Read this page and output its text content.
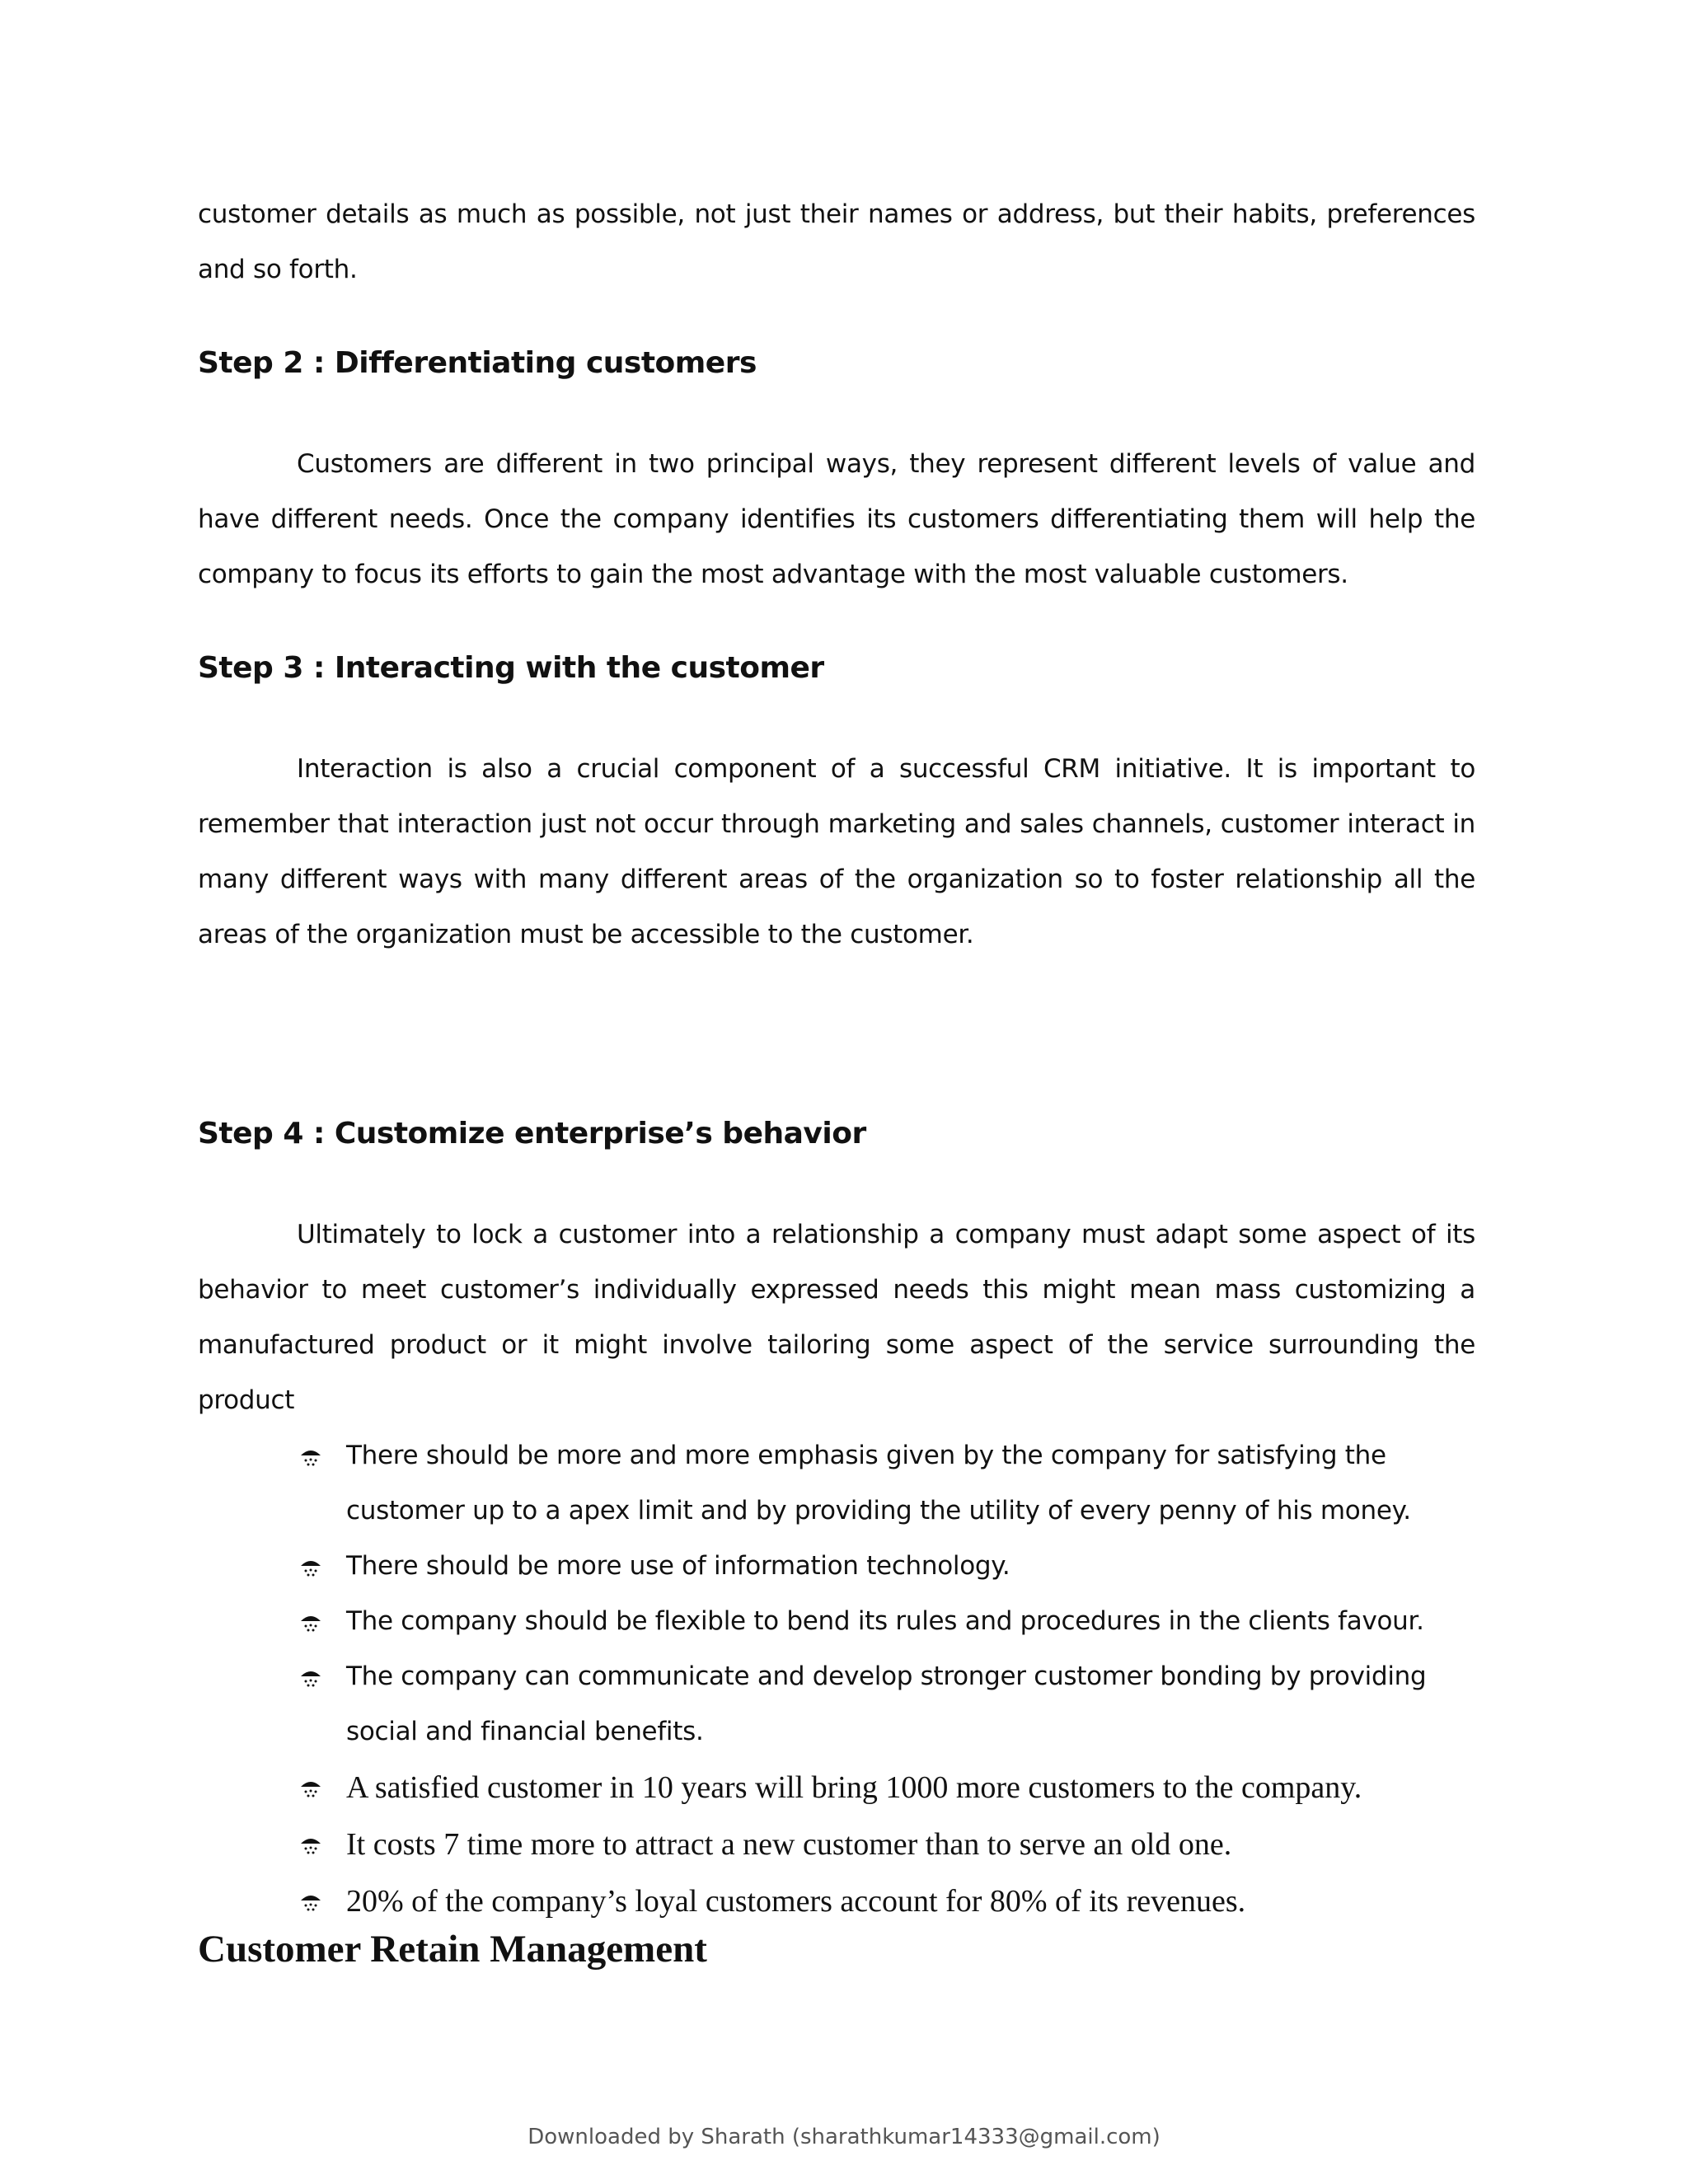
customer details as much as possible, not just their names or address, but their habits, preferences and so forth.
Step 2 : Differentiating customers
Customers are different in two principal ways, they represent different levels of value and have different needs. Once the company identifies its customers differentiating them will help the company to focus its efforts to gain the most advantage with the most valuable customers.
Step 3 : Interacting with the customer
Interaction is also a crucial component of a successful CRM initiative. It is important to remember that interaction just not occur through marketing and sales channels, customer interact in many different ways with many different areas of the organization so to foster relationship all the areas of the organization must be accessible to the customer.
Step 4 : Customize enterprise’s behavior
Ultimately to lock a customer into a relationship a company must adapt some aspect of its behavior to meet customer’s individually expressed needs this might mean mass customizing a manufactured product or it might involve tailoring some aspect of the service surrounding the product
There should be more and more emphasis given by the company for satisfying the customer up to a apex limit and by providing the utility of every penny of his money.
There should be more use of information technology.
The company should be flexible to bend its rules and procedures in the clients favour.
The company can communicate and develop stronger customer bonding by providing social and financial benefits.
A satisfied customer in 10 years will bring 1000 more customers to the company.
It costs 7 time more to attract a new customer than to serve an old one.
20% of the company’s loyal customers account for 80% of its revenues.
Customer Retain Management
Downloaded by Sharath (sharathkumar14333@gmail.com)
